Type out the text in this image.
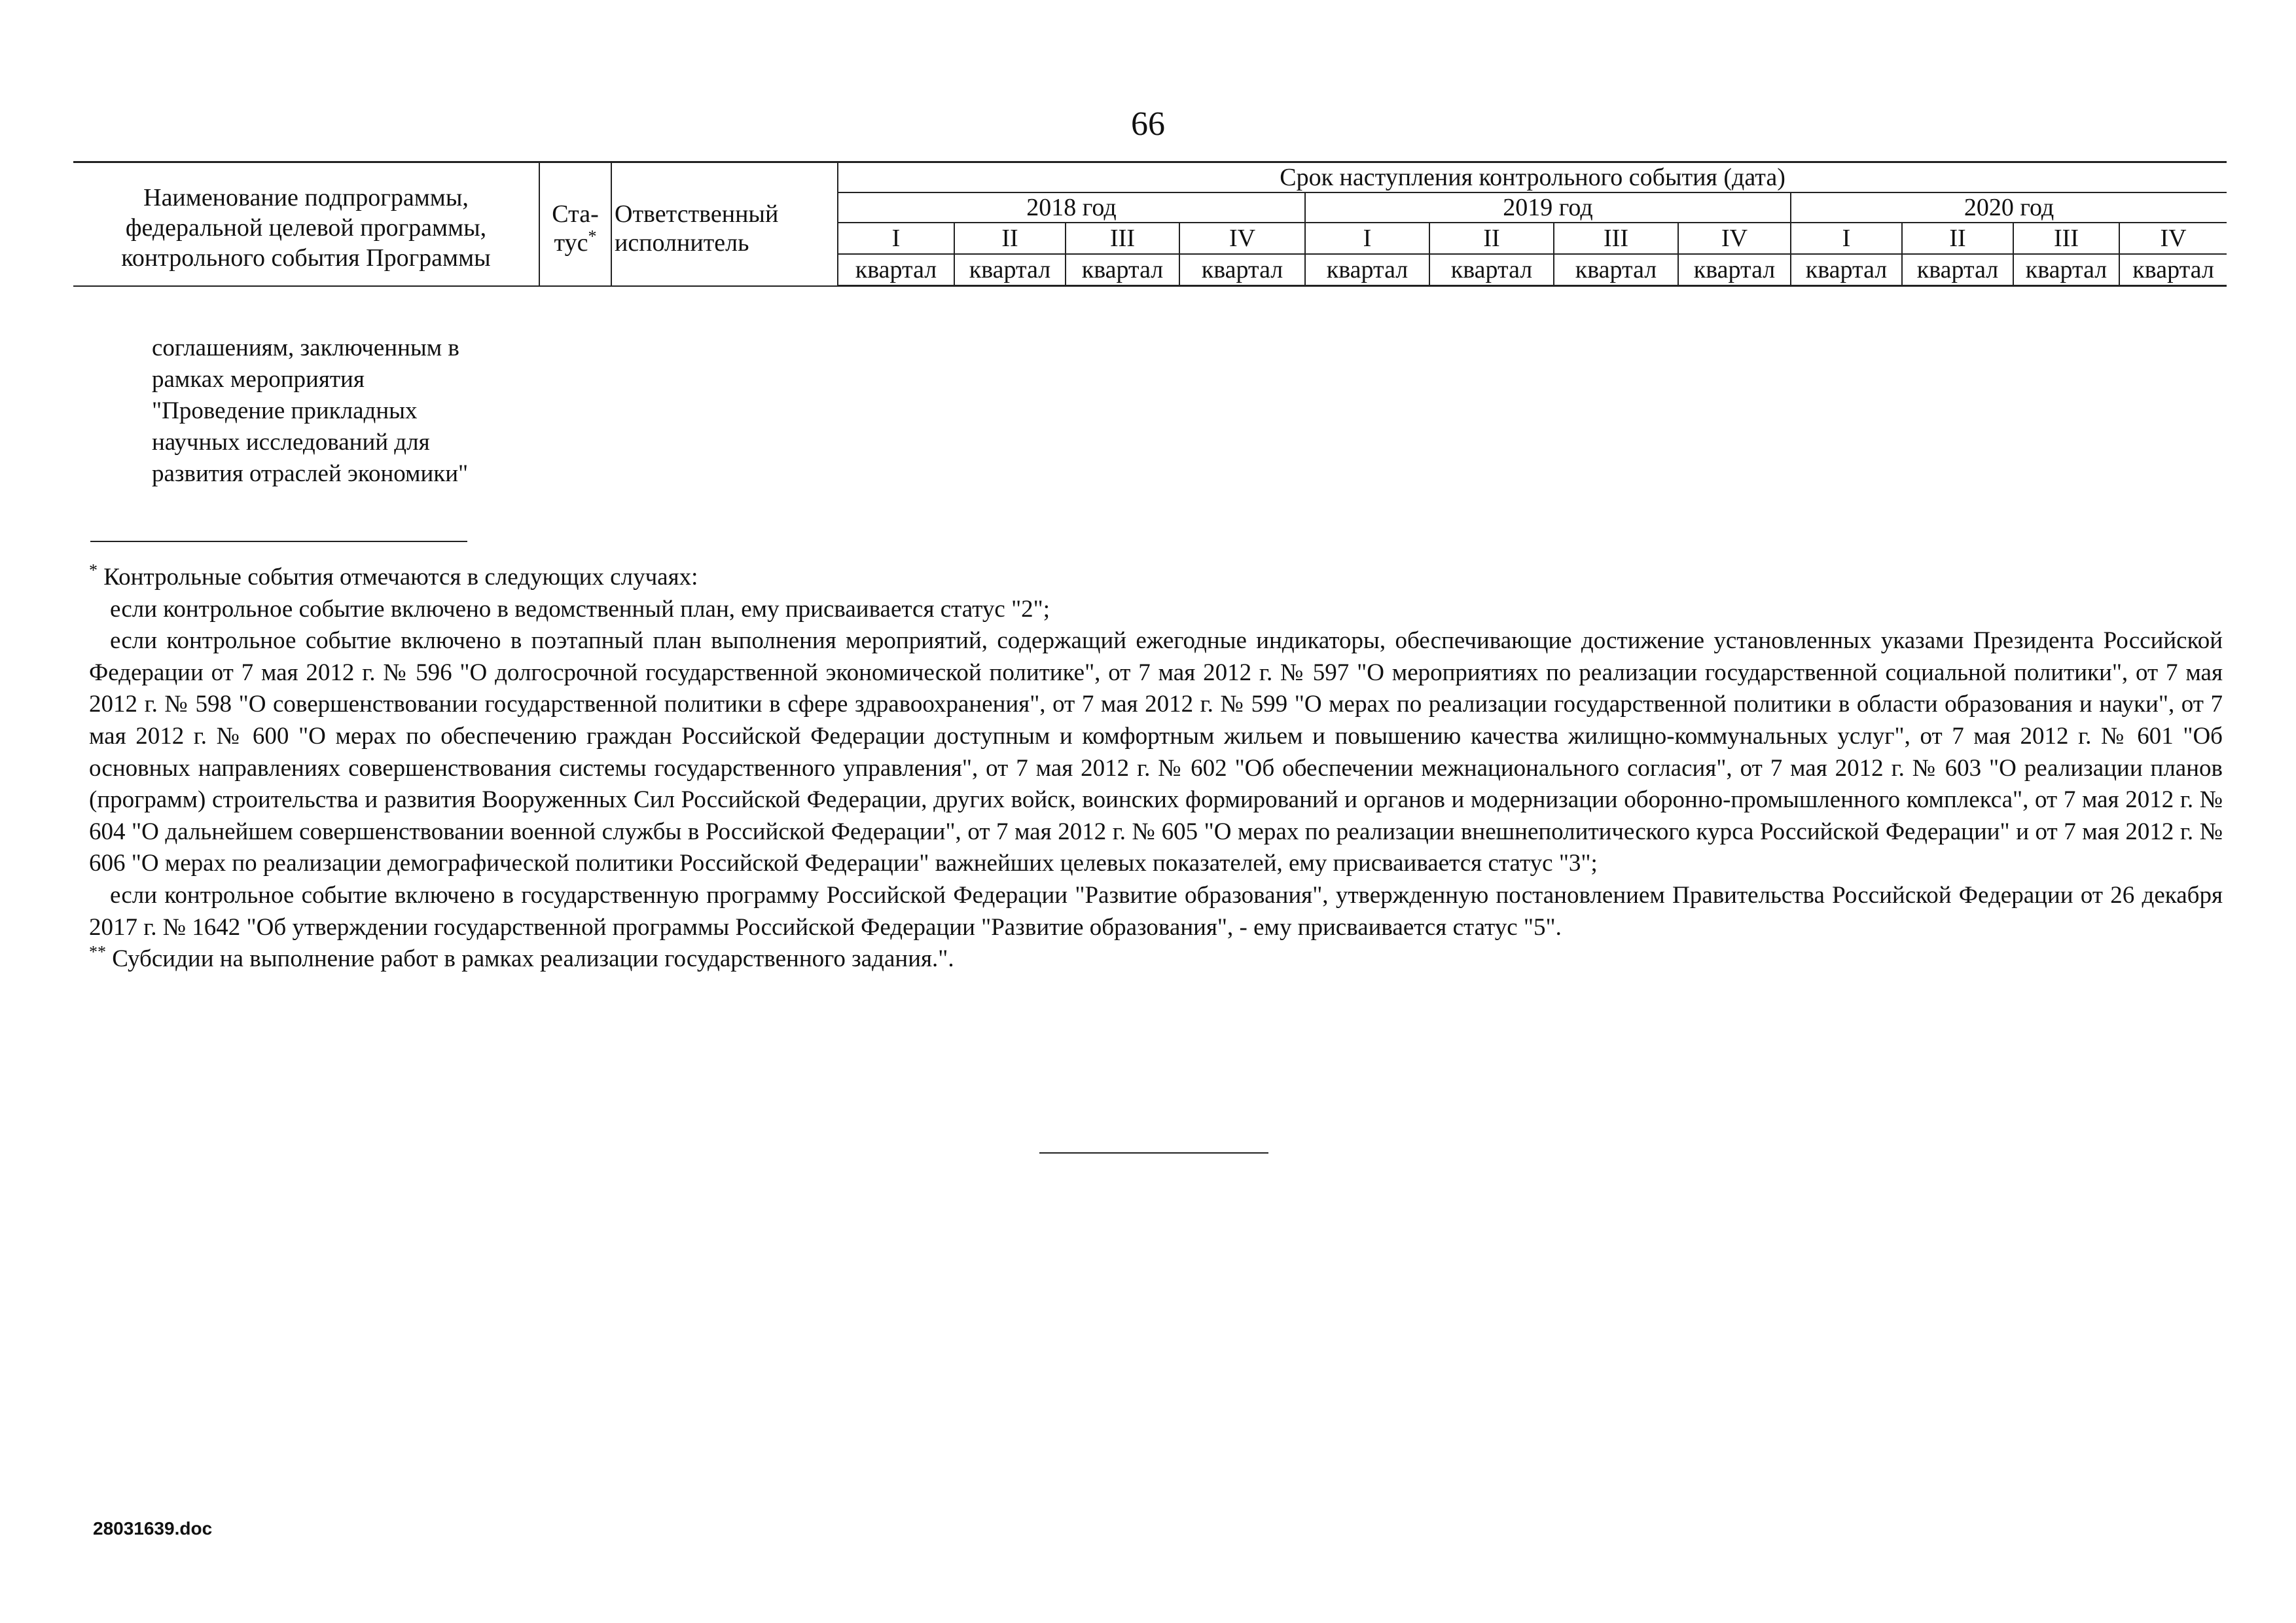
66
Наименование подпрограммы, федеральной целевой программы, контрольного события Программы	Ста-тус*	Ответственный исполнитель	Срок наступления контрольного события (дата)											
			2018 год				2019 год				2020 год			
			I	II	III	IV	I	II	III	IV	I	II	III	IV
			квартал	квартал	квартал	квартал	квартал	квартал	квартал	квартал	квартал	квартал	квартал	квартал
соглашениям, заключенным в
рамках мероприятия
"Проведение прикладных
научных исследований для
развития отраслей экономики"

* Контрольные события отмечаются в следующих случаях:

если контрольное событие включено в ведомственный план, ему присваивается статус "2";

если контрольное событие включено в поэтапный план выполнения мероприятий, содержащий ежегодные индикаторы, обеспечивающие достижение установленных указами Президента Российской Федерации от 7 мая 2012 г. № 596 "О долгосрочной государственной экономической политике", от 7 мая 2012 г. № 597 "О мероприятиях по реализации государственной социальной политики", от 7 мая 2012 г. № 598 "О совершенствовании государственной политики в сфере здравоохранения", от 7 мая 2012 г. № 599 "О мерах по реализации государственной политики в области образования и науки", от 7 мая 2012 г. № 600 "О мерах по обеспечению граждан Российской Федерации доступным и комфортным жильем и повышению качества жилищно-коммунальных услуг", от 7 мая 2012 г. № 601 "Об основных направлениях совершенствования системы государственного управления", от 7 мая 2012 г. № 602 "Об обеспечении межнационального согласия", от 7 мая 2012 г. № 603 "О реализации планов (программ) строительства и развития Вооруженных Сил Российской Федерации, других войск, воинских формирований и органов и модернизации оборонно-промышленного комплекса", от 7 мая 2012 г. № 604 "О дальнейшем совершенствовании военной службы в Российской Федерации", от 7 мая 2012 г. № 605 "О мерах по реализации внешнеполитического курса Российской Федерации" и от 7 мая 2012 г. № 606 "О мерах по реализации демографической политики Российской Федерации" важнейших целевых показателей, ему присваивается статус "3";

если контрольное событие включено в государственную программу Российской Федерации "Развитие образования", утвержденную постановлением Правительства Российской Федерации от 26 декабря 2017 г. № 1642 "Об утверждении государственной программы Российской Федерации "Развитие образования", - ему присваивается статус "5".

** Субсидии на выполнение работ в рамках реализации государственного задания.".

28031639.doc
